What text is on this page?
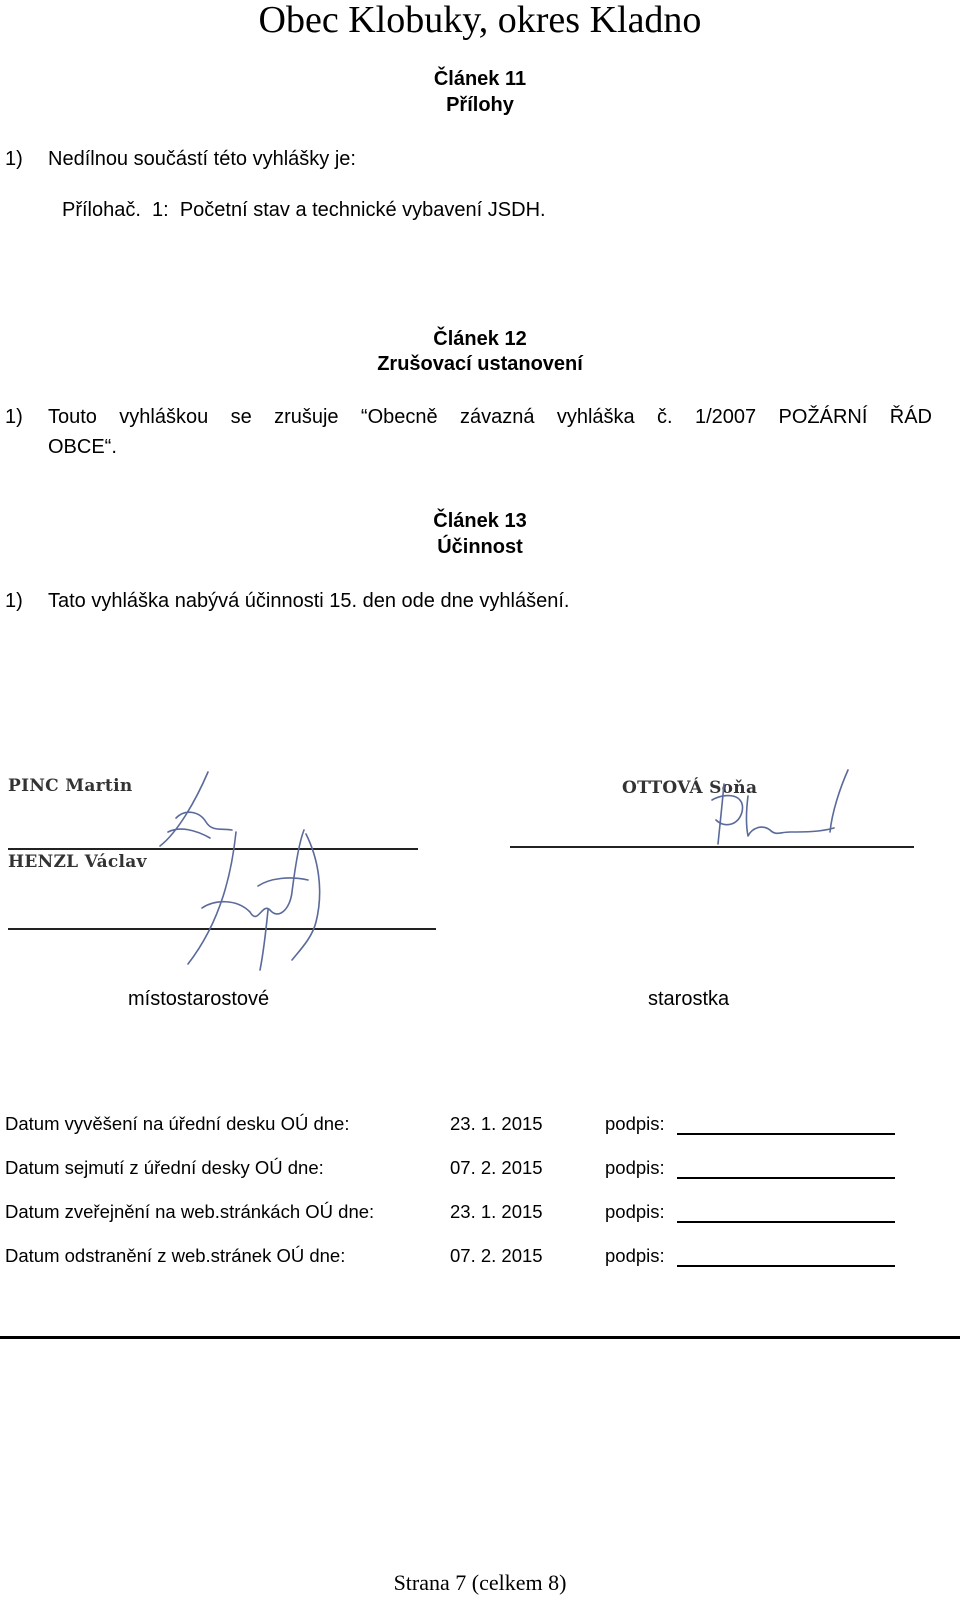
Obec Klobuky, okres Kladno
Článek 11
Přílohy
1) Nedílnou součástí této vyhlášky je:
Přílohač.  1:  Početní stav a technické vybavení JSDH.
Článek 12
Zrušovací ustanovení
1) Touto vyhláškou se zrušuje “Obecně závazná vyhláška č. 1/2007 POŽÁRNÍ ŘÁD
OBCE“.
Článek 13
Účinnost
1) Tato vyhláška nabývá účinnosti 15. den ode dne vyhlášení.
PINC Martin
HENZL Václav
OTTOVÁ Soňa
místostarostové	starostka
Datum vyvěšení na úřední desku OÚ dne:	23. 1. 2015	podpis:
Datum sejmutí z úřední desky OÚ dne:	07. 2. 2015	podpis:
Datum zveřejnění na web.stránkách OÚ dne:	23. 1. 2015	podpis:
Datum odstranění z web.stránek OÚ dne:	07. 2. 2015	podpis:
Strana 7 (celkem 8)
